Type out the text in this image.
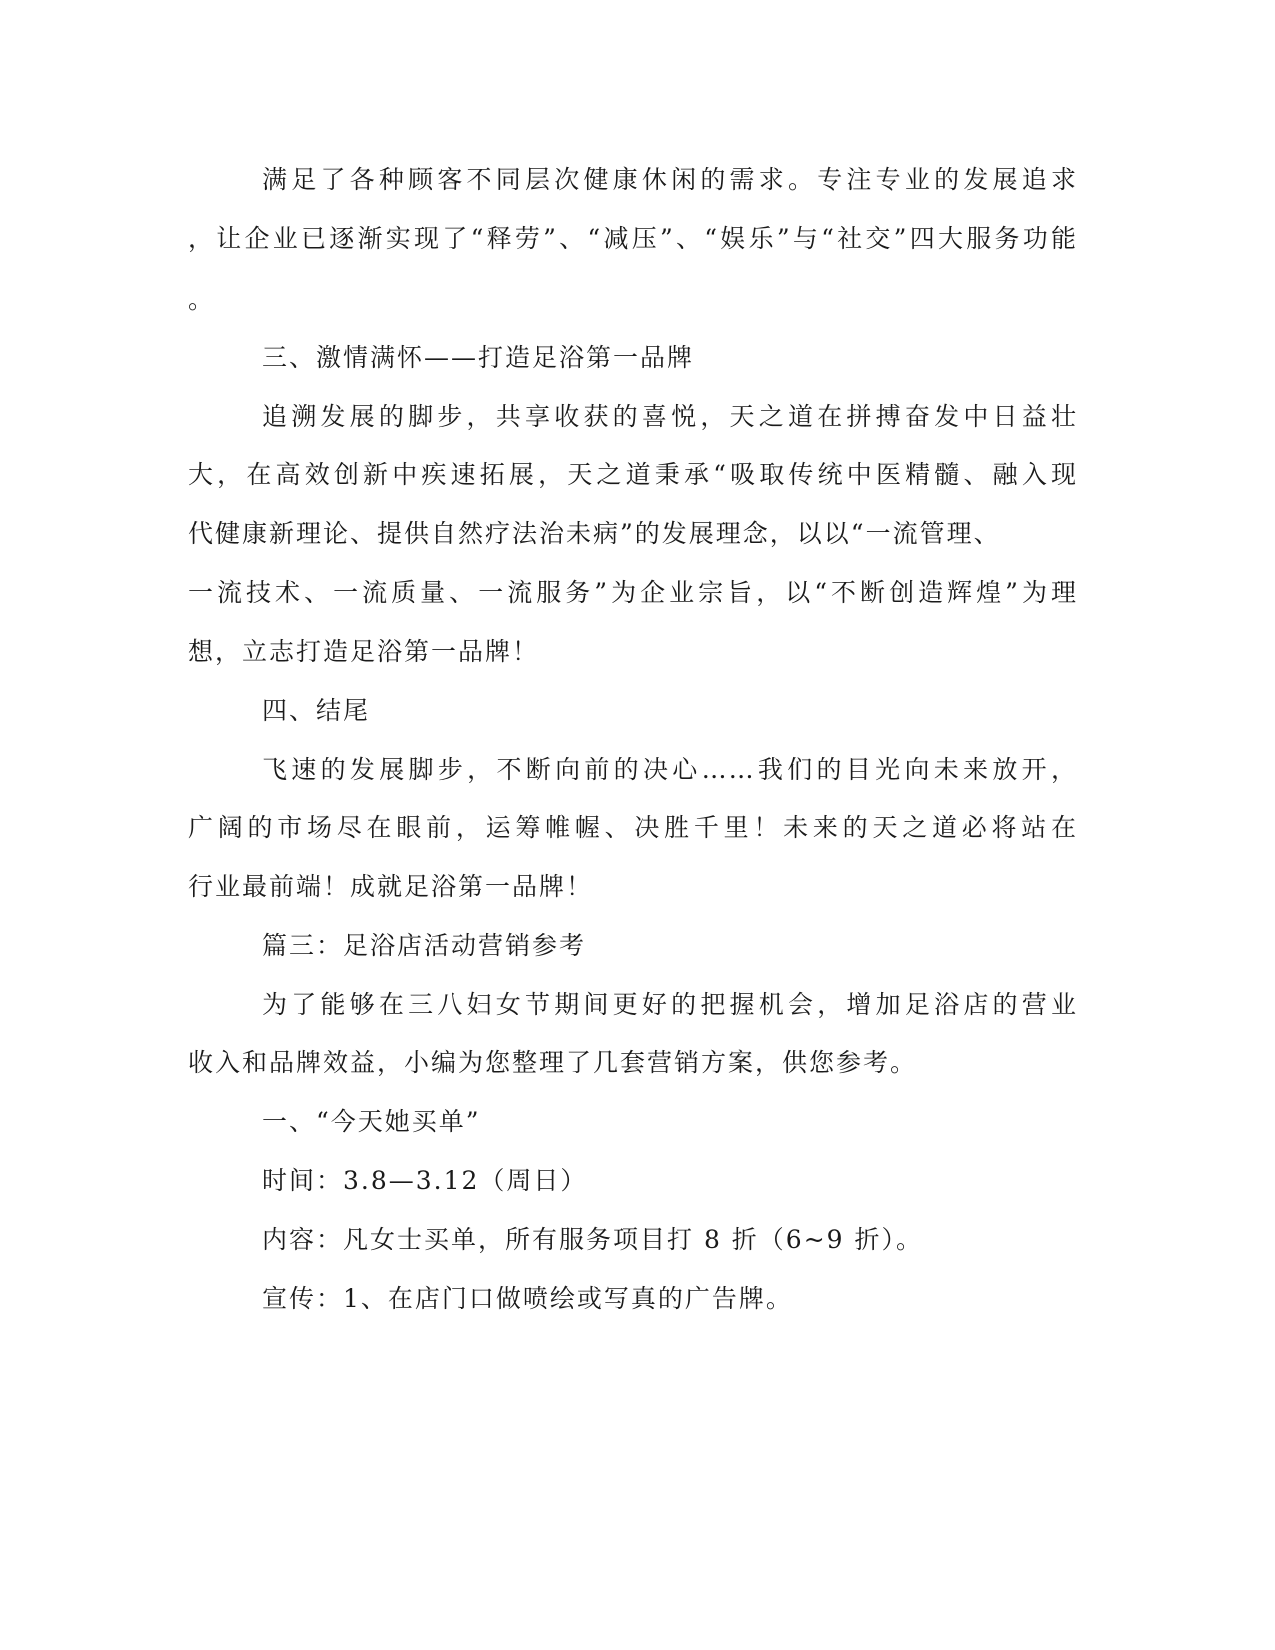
满足了各种顾客不同层次健康休闲的需求。专注专业的发展追求
，让企业已逐渐实现了“释劳”、“减压”、“娱乐”与“社交”四大服务功能
。
三、激情满怀——打造足浴第一品牌
追溯发展的脚步，共享收获的喜悦，天之道在拼搏奋发中日益壮
大，在高效创新中疾速拓展，天之道秉承“吸取传统中医精髓、融入现
代健康新理论、提供自然疗法治未病”的发展理念，以以“一流管理、
一流技术、一流质量、一流服务”为企业宗旨，以“不断创造辉煌”为理
想，立志打造足浴第一品牌！
四、结尾
飞速的发展脚步，不断向前的决心……我们的目光向未来放开，
广阔的市场尽在眼前，运筹帷幄、决胜千里！未来的天之道必将站在
行业最前端！成就足浴第一品牌！
篇三：足浴店活动营销参考
为了能够在三八妇女节期间更好的把握机会，增加足浴店的营业
收入和品牌效益，小编为您整理了几套营销方案，供您参考。
一、“今天她买单”
时间：3.8—3.12（周日）
内容：凡女士买单，所有服务项目打 8 折（6~9 折）。
宣传：1、在店门口做喷绘或写真的广告牌。
